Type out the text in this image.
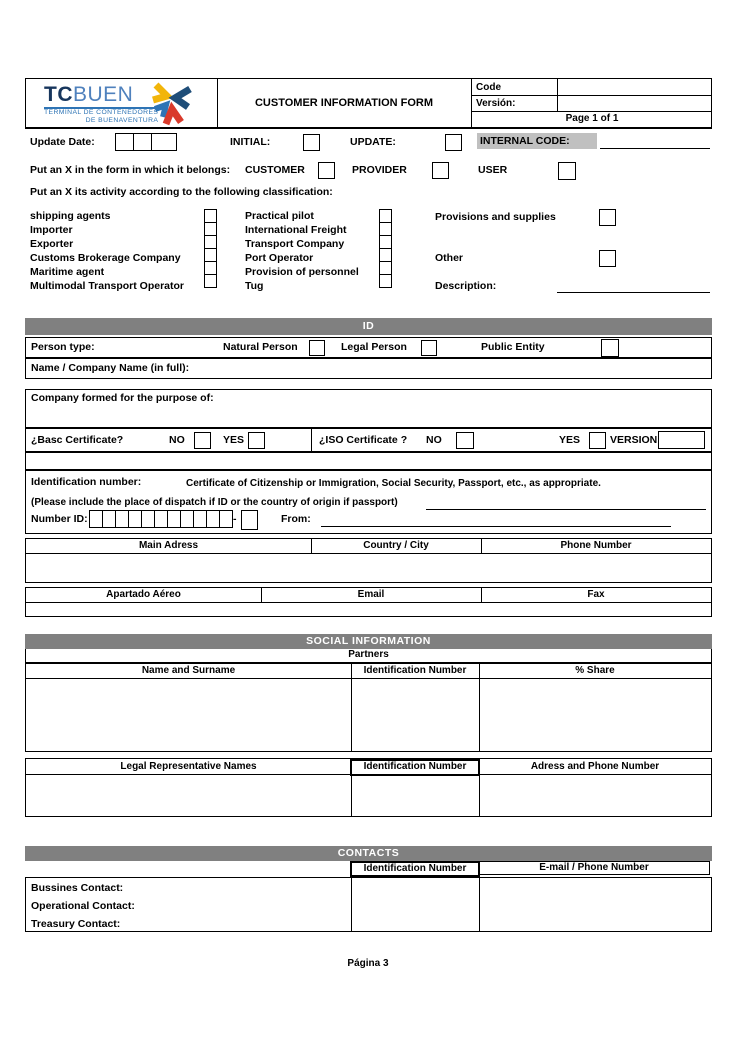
TCBUEN
TERMINAL DE CONTENEDORES
DE BUENAVENTURA
CUSTOMER INFORMATION FORM
Code
Versión:
Page 1 of 1
Update Date:	INITIAL:	UPDATE:	INTERNAL CODE:
Put an X in the form in which it belongs: CUSTOMER	PROVIDER	USER
Put an X its activity according to the following classification:
shipping agents
Importer
Exporter
Customs Brokerage Company
Maritime agent
Multimodal Transport Operator
Practical pilot
International Freight
Transport Company
Port Operator
Provision of personnel
Tug
Provisions and supplies
Other
Description:
ID
Person type:	Natural Person	Legal Person	Public Entity
Name / Company Name (in full):
Company formed for the purpose of:
¿Basc Certificate?	NO	YES	¿ISO Certificate ? NO	YES	VERSION
Identification number:	Certificate of Citizenship or Immigration, Social Security, Passport, etc., as appropriate.
(Please include the place of dispatch if ID or the country of origin if passport)
Number ID:	-	From:
Main Adress	Country / City	Phone Number
Apartado Aéreo	Email	Fax
SOCIAL INFORMATION
Partners
Name and Surname	Identification Number	% Share
Legal Representative Names	Identification Number	Adress and Phone Number
CONTACTS
Identification Number	E-mail / Phone Number
Bussines Contact:
Operational Contact:
Treasury Contact:
Página 3
